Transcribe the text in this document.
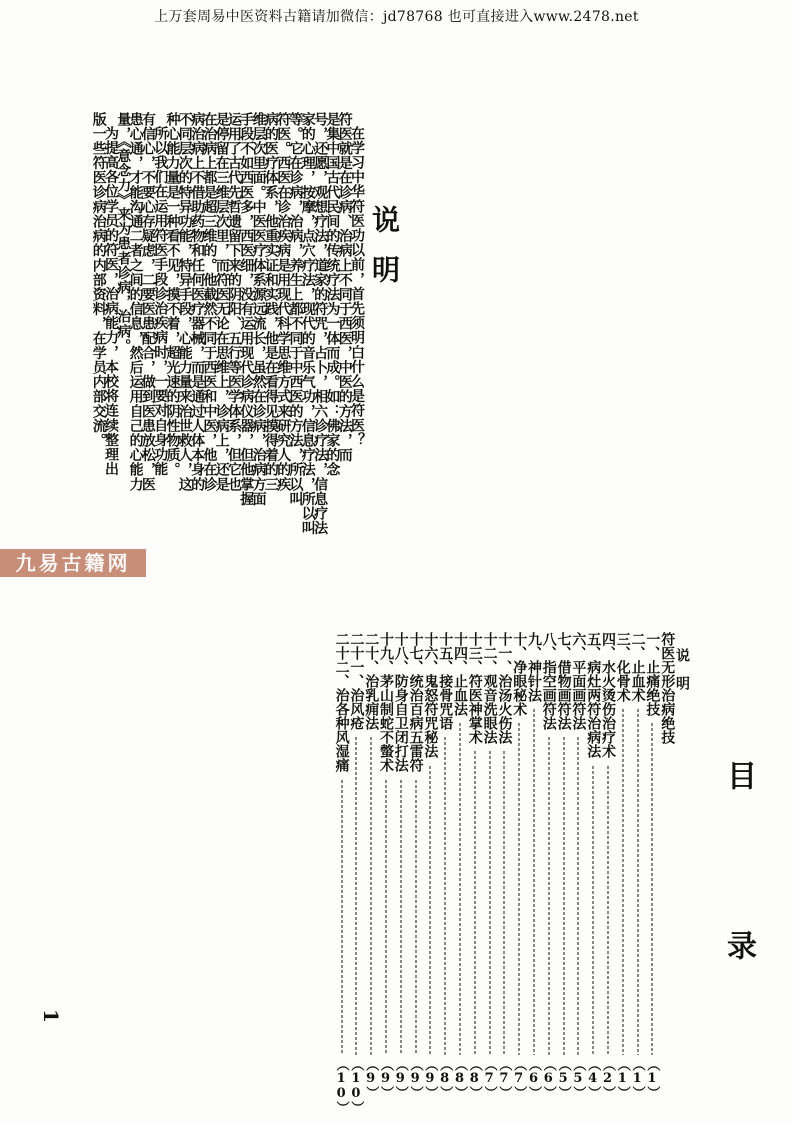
上万套周易中医资料古籍请加微信：jd78768 也可直接进入www.2478.net
说明
在学习中华符医功以前，首先须明白什么是符医？
符医就是在诊病、治病上不同于西医，中医的方法，而
是集中国古代民间的传统疗法为一体而成。如：佛家的念
号，还愿，观想疗法，道家的符咒，占卜，相六诊疗法，信息疗法
家的心理，按摩，点穴疗法，现代的音乐气功，信息疗法，所以叫
等。它在诊病，治病，养生上都不同于中西医的方法，所以叫
符医。西医在诊治疾病是用现代科学思维方式来研究人的疾
病的医疗体系，他重实证和实践，他是在看得见摸得着的三
维层次里面。中医医疗体系源远流长，虽然在诊病，治病方面
手段不如西医多，西医细，没有运用现代诊病仪器，但他掌握
运用了古代先哲遗留下来的阴阳、五行等医学体系，但它也
是停留在三维层次里，而符医无论在思维上，诊病上，还是
在治病上都是超三维的。他截然不同于西医和中医，他在诊
病治病上不借助药物和任何医疗器械，而是通过人体本身的
不同层次的特异功能，特异手段，心能力量来治世救人，这
种心能力量是一种看不见，摸不着，超光速的阴性物质。
所以我们在运用符医手段诊治疾病时，一要对自身功能
有信心，不要心存疑虑，二要医患配合，做到医患放松，医
患心通，才能沟通二者之间的信息，然后运用自己的心能力
量，《意念力》来为患者诊病，治病。
为提高各位学员的符医，治病能力，本校将连续整理出
版一些符医诊病治病的内部资料，在学员内部交流。
九易古籍网
目录
说　明
符医无形治病绝技
一、止痛绝技
（1）
二、止血术
（1）
三、化骨术
（1）
四、水火烫伤治疗术
（2）
五、病灶两符治病法
（4）
六、平面画符法
（5）
七、借物画符法
（5）
八、指空画符法
（6）
九、神针法
（6）
十、净眼秘术
（7）
十一、治汤火伤法
（7）
十二、观音洗眼法
（7）
十三、符医神掌术
（8）
十四、止血法
（8）
十五、接骨咒语
（8）
十六、鬼怒符咒秘法
（9）
十七、统治百病五雷符
（9）
十八、防身自卫闭打法
（9）
十九、茅山制蛇不螫术
（9）
二十、治乳痈法
（9）
二十一、治风疮
（10）
二十二、治各种风湿痛
（10）
1
